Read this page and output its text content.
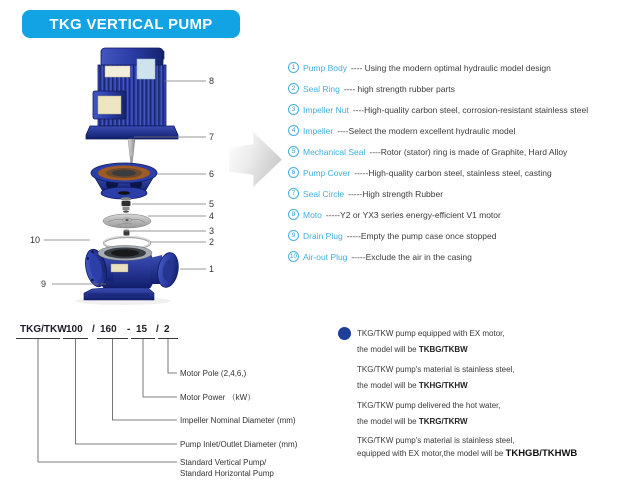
TKG VERTICAL PUMP
8
7
6
5
4
3
2
1
10
9
1 Pump Body ---- Using the modern optimal hydraulic model design
2 Seal Ring ---- high strength rubber parts
3 Impeller Nut ----High-quality carbon steel, corrosion-resistant stainless steel
4 Impeller ----Select the modern excellent hydraulic model
5 Mechanical Seal ----Rotor (stator) ring is made of Graphite, Hard Alloy
6 Pump Cover -----High-quality carbon steel, stainless steel, casting
7 Seal Circle -----High strength Rubber
8 Moto -----Y2 or YX3 series energy-efficient V1 motor
9 Drain Plug -----Empty the pump case once stopped
10 Air-out Plug -----Exclude the air in the casing
TKG/TKW 100 / 160 - 15 / 2
Motor Pole (2,4,6,)
Motor Power （kW）
Impeller Nominal Diameter (mm)
Pump Inlet/Outlet Diameter (mm)
Standard Vertical Pump/
Standard Horizontal Pump
TKG/TKW pump equipped with EX motor,
the model will be TKBG/TKBW
TKG/TKW pump's material is stainless steel,
the model will be TKHG/TKHW
TKG/TKW pump delivered the hot water,
the model will be TKRG/TKRW
TKG/TKW pump's material is stainless steel,
equipped with EX motor,the model will be TKHGB/TKHWB
